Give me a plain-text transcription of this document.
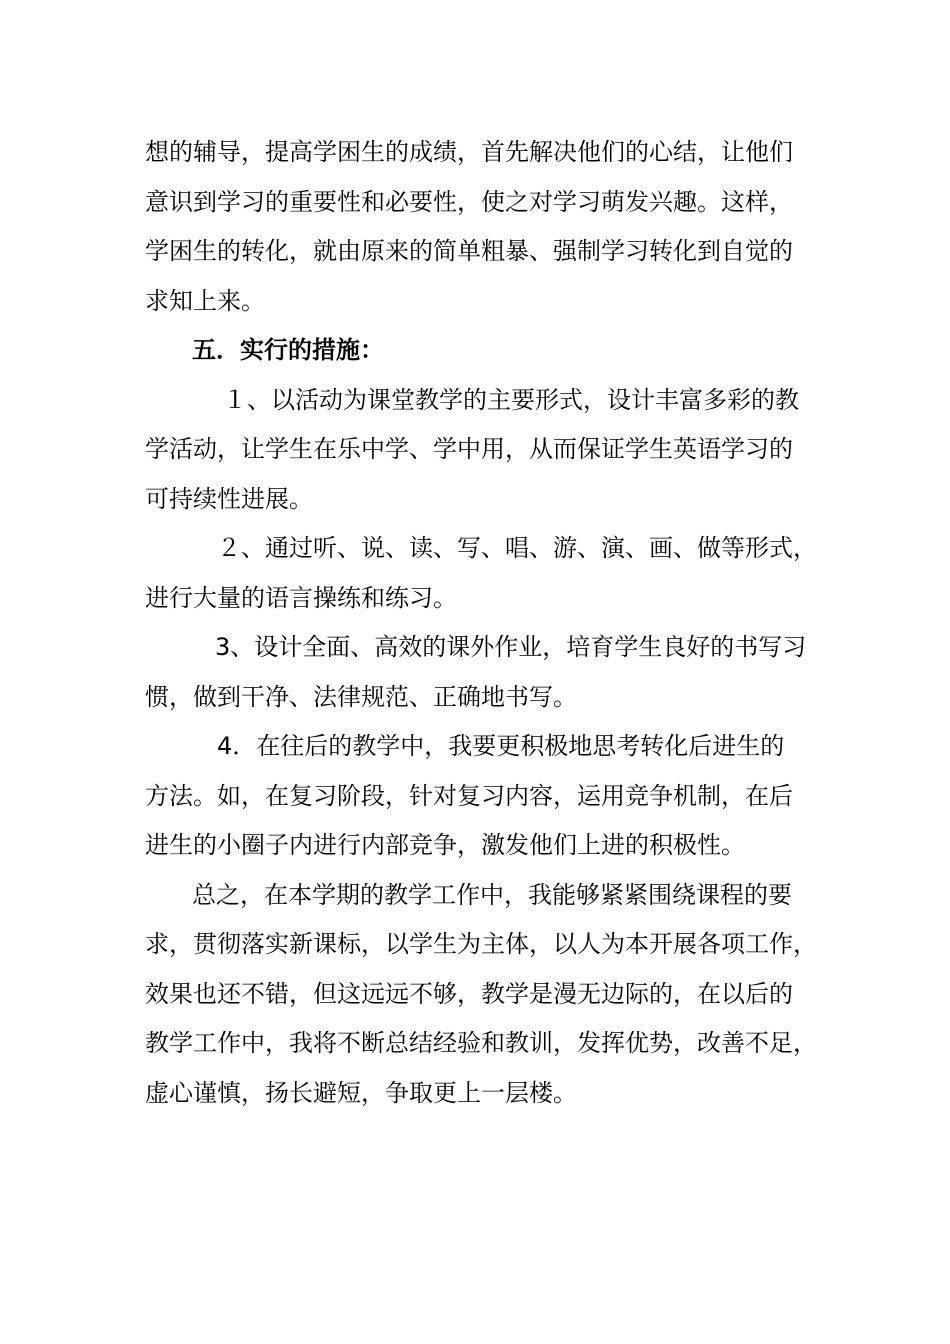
想的辅导，提高学困生的成绩，首先解决他们的心结，让他们
意识到学习的重要性和必要性，使之对学习萌发兴趣。这样，
学困生的转化，就由原来的简单粗暴、强制学习转化到自觉的
求知上来。
五．实行的措施：
１、以活动为课堂教学的主要形式，设计丰富多彩的教
学活动，让学生在乐中学、学中用，从而保证学生英语学习的
可持续性进展。
２、通过听、说、读、写、唱、游、演、画、做等形式，
进行大量的语言操练和练习。
3、设计全面、高效的课外作业，培育学生良好的书写习
惯，做到干净、法律规范、正确地书写。
4．在往后的教学中，我要更积极地思考转化后进生的
方法。如，在复习阶段，针对复习内容，运用竞争机制，在后
进生的小圈子内进行内部竞争，激发他们上进的积极性。
总之，在本学期的教学工作中，我能够紧紧围绕课程的要
求，贯彻落实新课标，以学生为主体，以人为本开展各项工作，
效果也还不错，但这远远不够，教学是漫无边际的，在以后的
教学工作中，我将不断总结经验和教训，发挥优势，改善不足，
虚心谨慎，扬长避短，争取更上一层楼。
